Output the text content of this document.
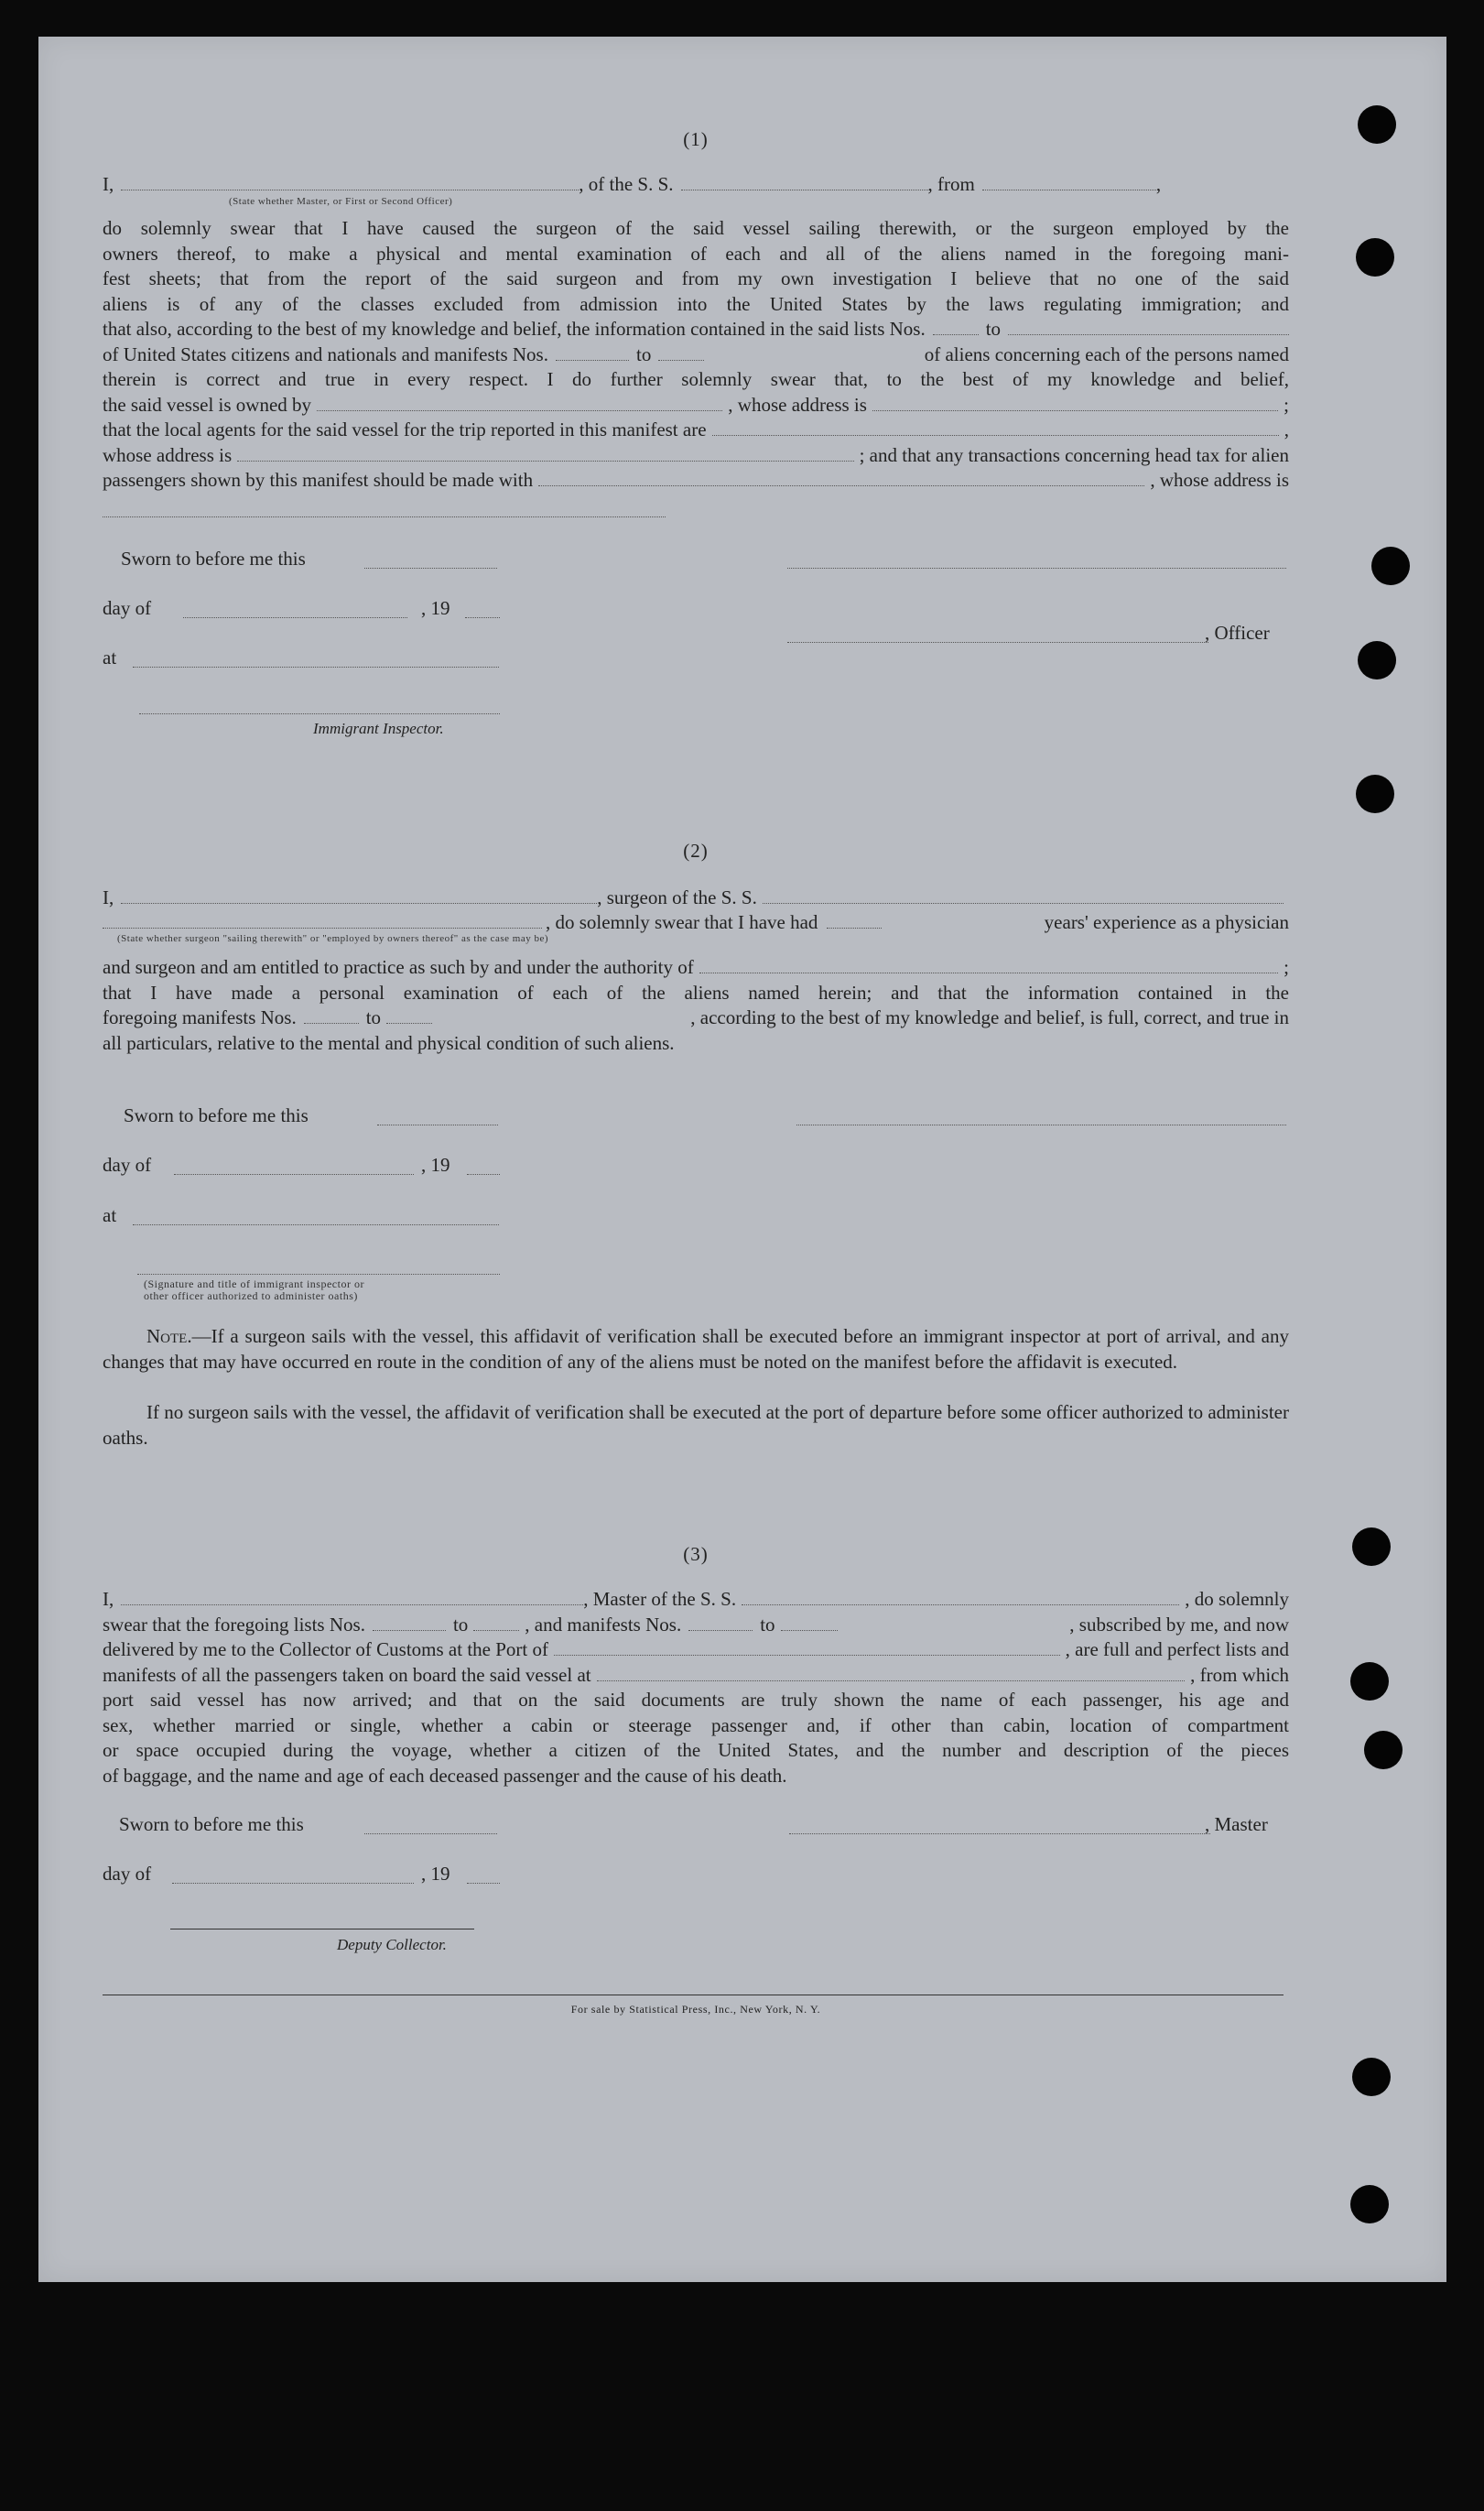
(1)
I,	, of the S. S.	, from	,
(State whether Master, or First or Second Officer)
do solemnly swear that I have caused the surgeon of the said vessel sailing therewith, or the surgeon employed by the
owners thereof, to make a physical and mental examination of each and all of the aliens named in the foregoing mani-
fest sheets; that from the report of the said surgeon and from my own investigation I believe that no one of the said
aliens is of any of the classes excluded from admission into the United States by the laws regulating immigration; and
that also, according to the best of my knowledge and belief, the information contained in the said lists Nos.	to
of United States citizens and nationals and manifests Nos.	to	of aliens concerning each of the persons named
therein is correct and true in every respect. I do further solemnly swear that, to the best of my knowledge and belief,
the said vessel is owned by	, whose address is	;
that the local agents for the said vessel for the trip reported in this manifest are	,
whose address is	; and that any transactions concerning head tax for alien
passengers shown by this manifest should be made with	, whose address is
Sworn to before me this
day of	, 19
, Officer
at
Immigrant Inspector.
(2)
I,	, surgeon of the S. S.
, do solemnly swear that I have had	years' experience as a physician
(State whether surgeon "sailing therewith" or "employed by owners thereof" as the case may be)
and surgeon and am entitled to practice as such by and under the authority of	;
that I have made a personal examination of each of the aliens named herein; and that the information contained in the
foregoing manifests Nos.	to	, according to the best of my knowledge and belief, is full, correct, and true in
all particulars, relative to the mental and physical condition of such aliens.
Sworn to before me this
day of	, 19
at
(Signature and title of immigrant inspector or
other officer authorized to administer oaths)
Note.—If a surgeon sails with the vessel, this affidavit of verification shall be executed before an immigrant inspector at port of arrival, and any changes that may have occurred en route in the condition of any of the aliens must be noted on the manifest before the affidavit is executed.
If no surgeon sails with the vessel, the affidavit of verification shall be executed at the port of departure before some officer authorized to administer oaths.
(3)
I,	, Master of the S. S.	, do solemnly
swear that the foregoing lists Nos.	to	, and manifests Nos.	to	, subscribed by me, and now
delivered by me to the Collector of Customs at the Port of	, are full and perfect lists and
manifests of all the passengers taken on board the said vessel at	, from which
port said vessel has now arrived; and that on the said documents are truly shown the name of each passenger, his age and
sex, whether married or single, whether a cabin or steerage passenger and, if other than cabin, location of compartment
or space occupied during the voyage, whether a citizen of the United States, and the number and description of the pieces
of baggage, and the name and age of each deceased passenger and the cause of his death.
Sworn to before me this	, Master
day of	, 19
Deputy Collector.
For sale by Statistical Press, Inc., New York, N. Y.
